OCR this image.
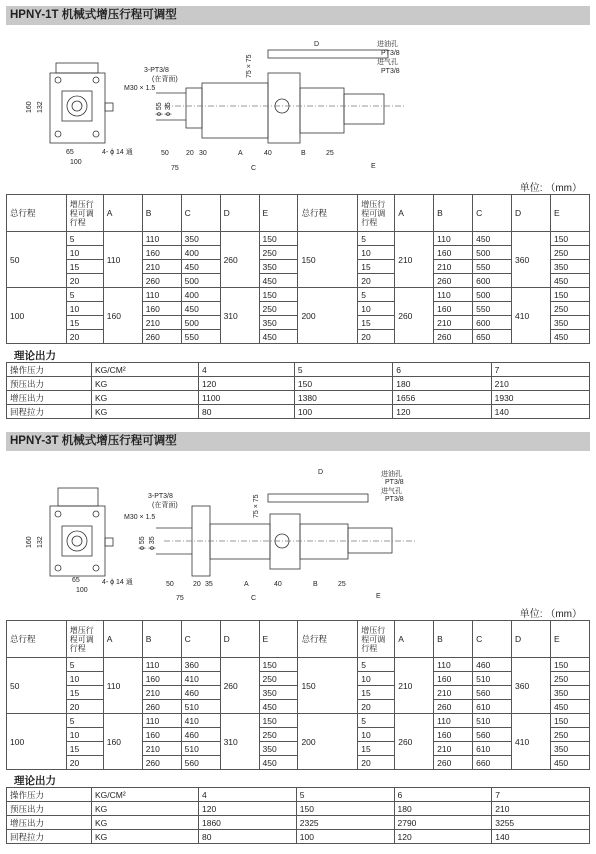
HPNY-1T 机械式增压行程可调型
160 132
65
100
4- ϕ 14 通
3-PT3/8
(在背面)
M30 × 1.5
ϕ 55 ϕ 35
75 × 75
D	进油孔
PT3/8
进气孔
PT3/8
50 20 30	A	40	B	25
75	C	E
单位: （mm）
总行程	增压行程可调行程	A	B	C	D	E	总行程	增压行程可调行程	A	B	C	D	E
50	5	110	110	350	260	150	150	5	210	110	450	360	150
	10		160	400		250		10		160	500		250
	15		210	450		350		15		210	550		350
	20		260	500		450		20		260	600		450
100	5	160	110	400	310	150	200	5	260	110	500	410	150
	10		160	450		250		10		160	550		250
	15		210	500		350		15		210	600		350
	20		260	550		450		20		260	650		450
理论出力
操作压力	KG/CM²	4	5	6	7
预压出力	KG	120	150	180	210
增压出力	KG	1100	1380	1656	1930
回程拉力	KG	80	100	120	140
HPNY-3T 机械式增压行程可调型
160 132
65
100
4- ϕ 14 通
3-PT3/8
(在背面)
M30 × 1.5
ϕ 55 ϕ 35
75 × 75
D	进油孔
PT3/8
进气孔
PT3/8
50	20 35	A	40	B	25
75	C	E
单位: （mm）
总行程	增压行程可调行程	A	B	C	D	E	总行程	增压行程可调行程	A	B	C	D	E
50	5	110	110	360	260	150	150	5	210	110	460	360	150
	10		160	410		250		10		160	510		250
	15		210	460		350		15		210	560		350
	20		260	510		450		20		260	610		450
100	5	160	110	410	310	150	200	5	260	110	510	410	150
	10		160	460		250		10		160	560		250
	15		210	510		350		15		210	610		350
	20		260	560		450		20		260	660		450
理论出力
操作压力	KG/CM²	4	5	6	7
预压出力	KG	120	150	180	210
增压出力	KG	1860	2325	2790	3255
回程拉力	KG	80	100	120	140
